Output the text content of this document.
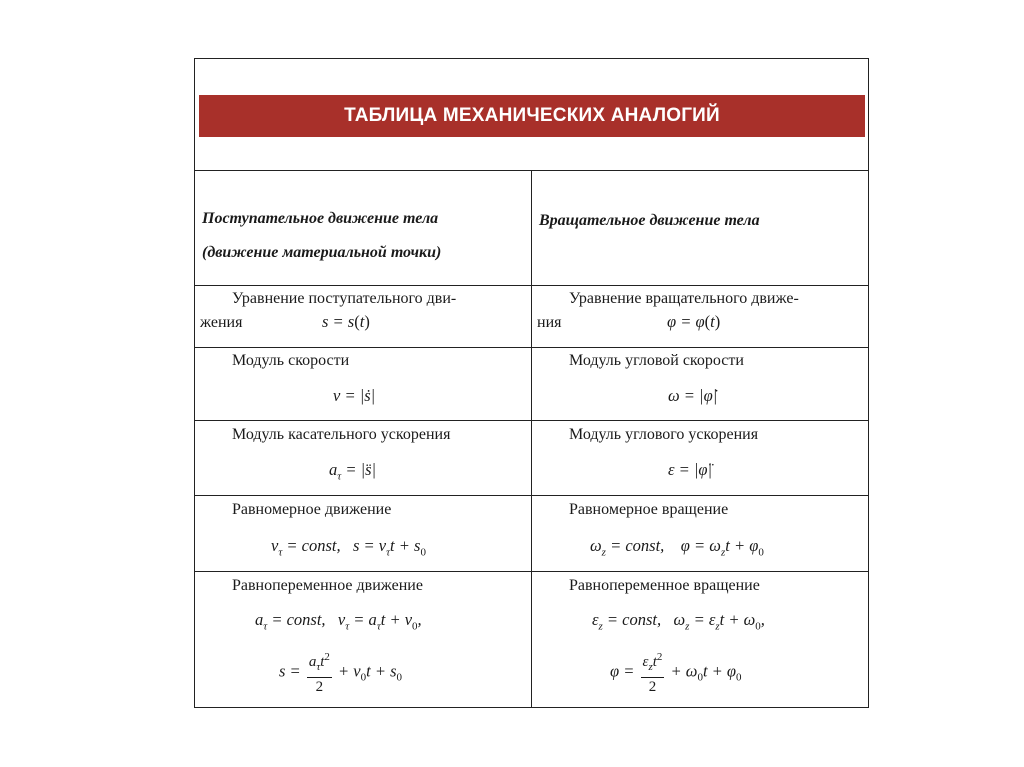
ТАБЛИЦА МЕХАНИЧЕСКИХ АНАЛОГИЙ
Поступательное движение тела
(движение материальной точки)
Вращательное движение тела
Уравнение поступательного дви-
жения	s = s(t)
Уравнение вращательного движе-
ния	φ = φ(t)
Модуль скорости
v = |ṡ|
Модуль угловой скорости
ω = |φ̇|
Модуль касательного ускорения
$a_\tau$ = |s̈|
Модуль углового ускорения
ε = |φ̈|
Равномерное движение
$v_\tau$ = const,   $s = v_\tau t + s_0$
Равномерное вращение
$\omega_z$ = const,    $\varphi = \omega_zt + \varphi_0$
Равнопеременное движение
$a_\tau$ = const,   $v_\tau = a_\tau t + v_0$,
$s = \frac{a_\tau t^2}{2} + v_0t + s_0$
Равнопеременное вращение
$\varepsilon_z$ = const,   $\omega_z = \varepsilon_zt + \omega_0$,
$\varphi = \frac{\varepsilon_zt^2}{2} + \omega_0t + \varphi_0$
